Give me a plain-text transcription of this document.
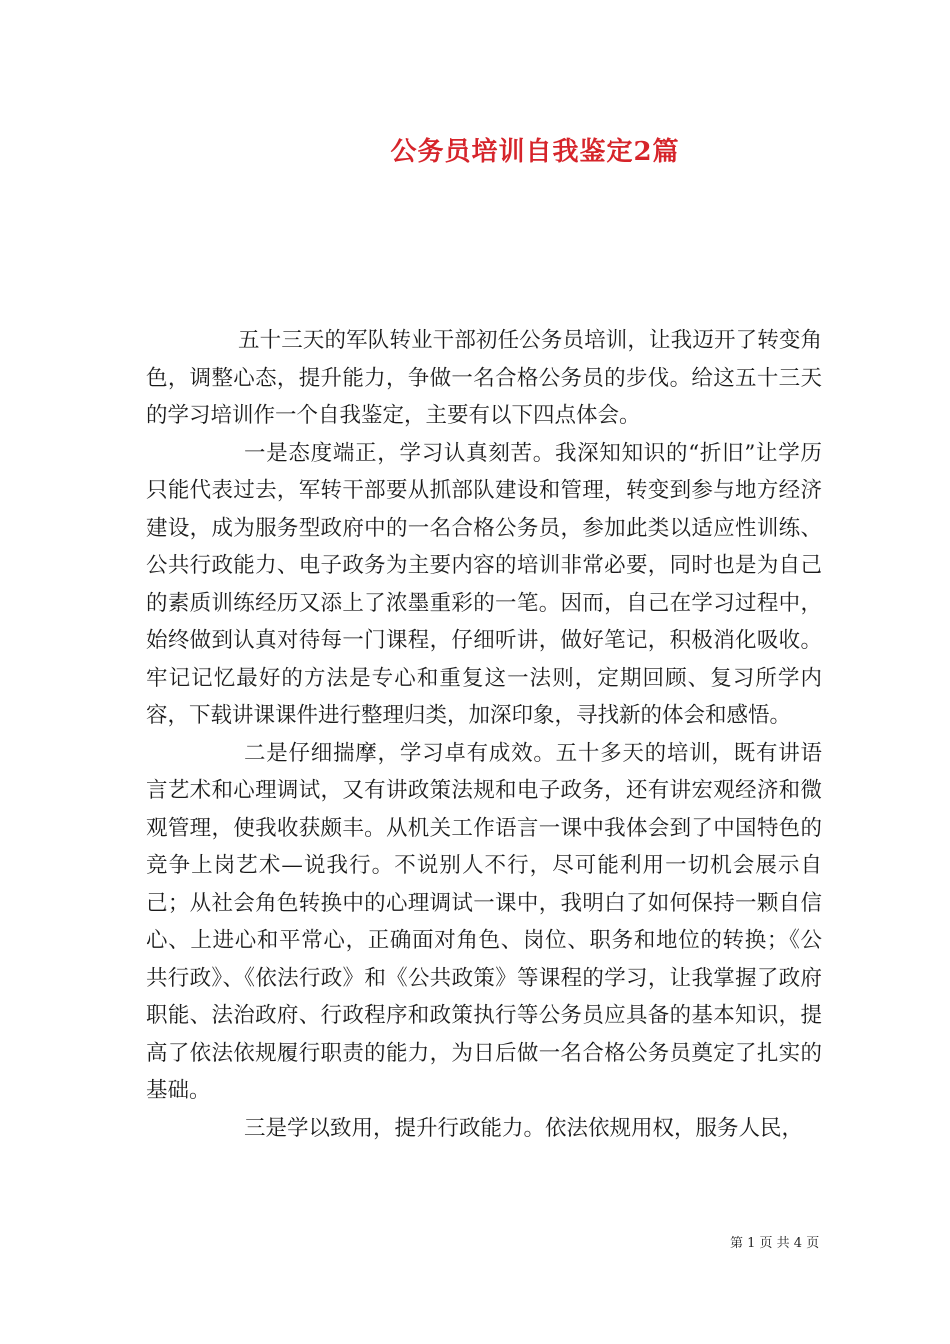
公务员培训自我鉴定2篇

五十三天的军队转业干部初任公务员培训，让我迈开了转变角色，调整心态，提升能力，争做一名合格公务员的步伐。给这五十三天的学习培训作一个自我鉴定，主要有以下四点体会。

一是态度端正，学习认真刻苦。我深知知识的“折旧”让学历只能代表过去，军转干部要从抓部队建设和管理，转变到参与地方经济建设，成为服务型政府中的一名合格公务员，参加此类以适应性训练、公共行政能力、电子政务为主要内容的培训非常必要，同时也是为自己的素质训练经历又添上了浓墨重彩的一笔。因而，自己在学习过程中，始终做到认真对待每一门课程，仔细听讲，做好笔记，积极消化吸收。牢记记忆最好的方法是专心和重复这一法则，定期回顾、复习所学内容，下载讲课课件进行整理归类，加深印象，寻找新的体会和感悟。

二是仔细揣摩，学习卓有成效。五十多天的培训，既有讲语言艺术和心理调试，又有讲政策法规和电子政务，还有讲宏观经济和微观管理，使我收获颇丰。从机关工作语言一课中我体会到了中国特色的竞争上岗艺术—说我行。不说别人不行，尽可能利用一切机会展示自己；从社会角色转换中的心理调试一课中，我明白了如何保持一颗自信心、上进心和平常心，正确面对角色、岗位、职务和地位的转换；《公共行政》、《依法行政》和《公共政策》等课程的学习，让我掌握了政府职能、法治政府、行政程序和政策执行等公务员应具备的基本知识，提高了依法依规履行职责的能力，为日后做一名合格公务员奠定了扎实的基础。

三是学以致用，提升行政能力。依法依规用权，服务人民，

第 1 页 共 4 页
